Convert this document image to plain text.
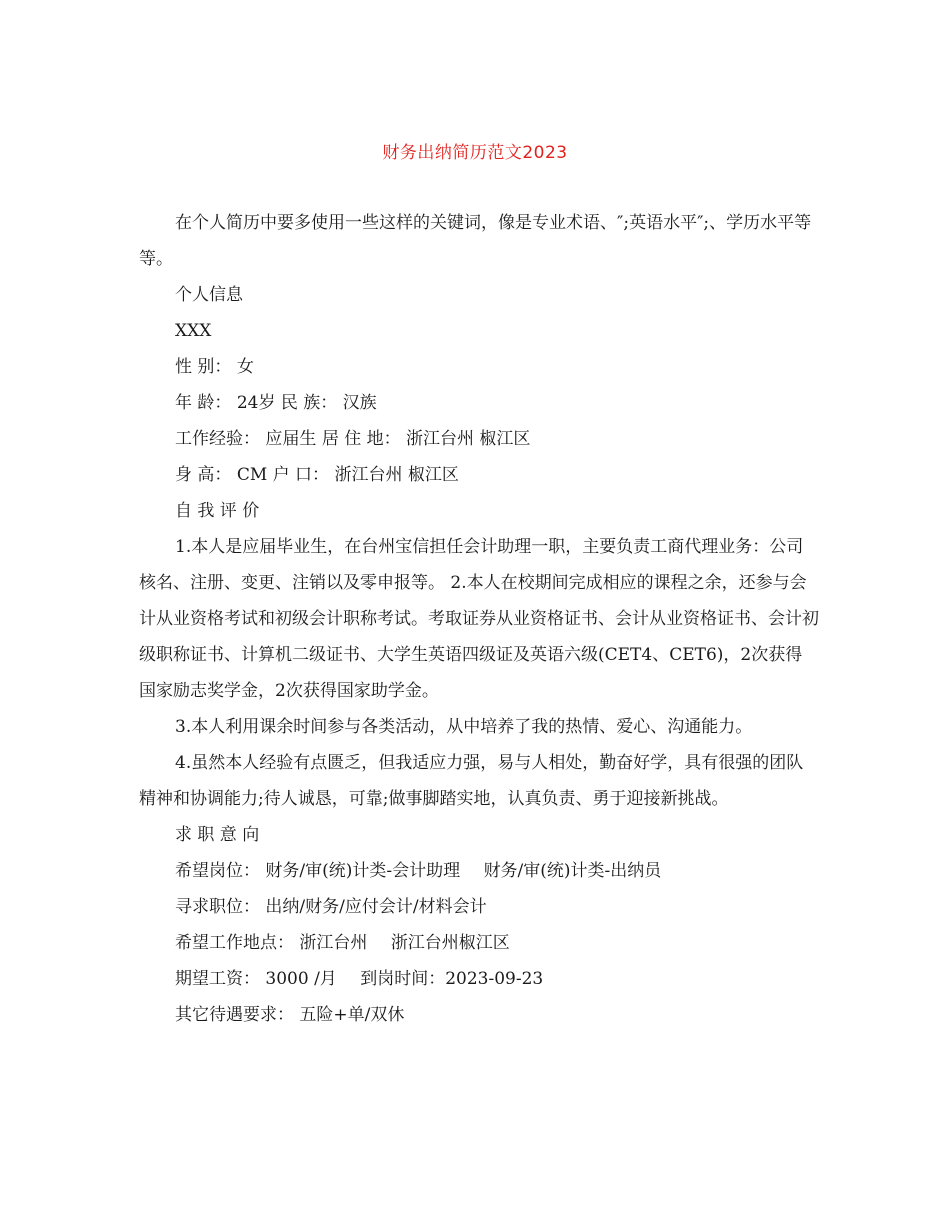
财务出纳简历范文2023

在个人简历中要多使用一些这样的关键词，像是专业术语、″;英语水平″;、学历水平等等。

个人信息

XXX

性 别： 女

年 龄： 24岁 民 族： 汉族

工作经验： 应届生 居 住 地： 浙江台州 椒江区

身 高： CM 户 口： 浙江台州 椒江区

自 我 评 价

1.本人是应届毕业生，在台州宝信担任会计助理一职，主要负责工商代理业务：公司核名、注册、变更、注销以及零申报等。 2.本人在校期间完成相应的课程之余，还参与会计从业资格考试和初级会计职称考试。考取证券从业资格证书、会计从业资格证书、会计初级职称证书、计算机二级证书、大学生英语四级证及英语六级(CET4、CET6)，2次获得国家励志奖学金，2次获得国家助学金。

3.本人利用课余时间参与各类活动，从中培养了我的热情、爱心、沟通能力。

4.虽然本人经验有点匮乏，但我适应力强，易与人相处，勤奋好学，具有很强的团队精神和协调能力;待人诚恳，可靠;做事脚踏实地，认真负责、勇于迎接新挑战。

求 职 意 向

希望岗位： 财务/审(统)计类-会计助理 财务/审(统)计类-出纳员

寻求职位： 出纳/财务/应付会计/材料会计

希望工作地点： 浙江台州 浙江台州椒江区

期望工资： 3000 /月 到岗时间：2023-09-23

其它待遇要求： 五险+单/双休
